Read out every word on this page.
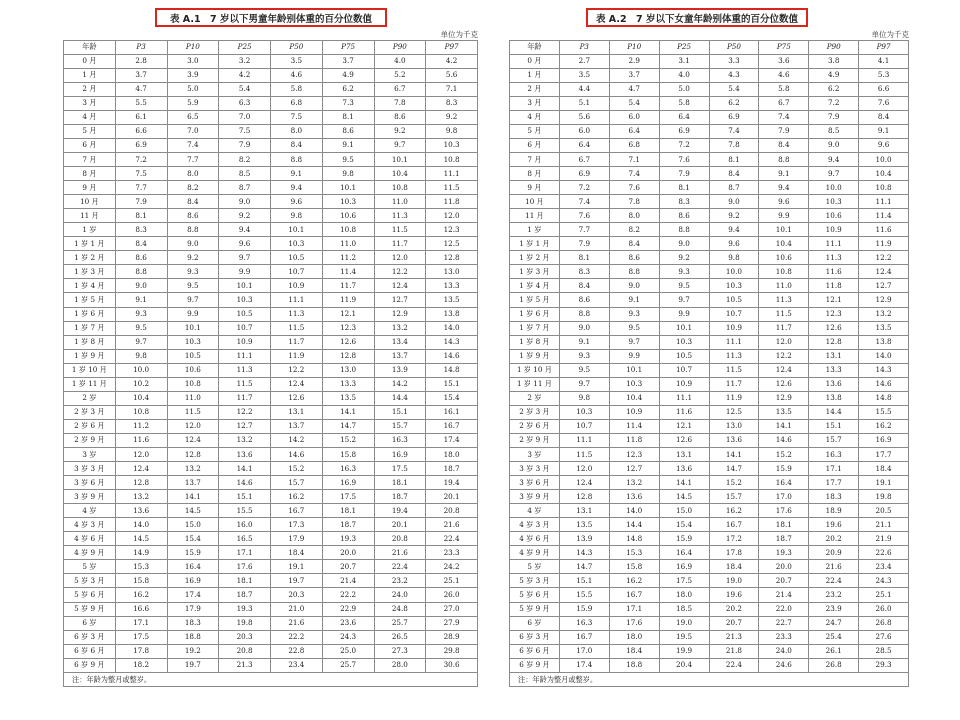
表 A.1　7 岁以下男童年龄别体重的百分位数值
单位为千克
年龄	P3	P10	P25	P50	P75	P90	P97
0 月	2.8	3.0	3.2	3.5	3.7	4.0	4.2
1 月	3.7	3.9	4.2	4.6	4.9	5.2	5.6
2 月	4.7	5.0	5.4	5.8	6.2	6.7	7.1
3 月	5.5	5.9	6.3	6.8	7.3	7.8	8.3
4 月	6.1	6.5	7.0	7.5	8.1	8.6	9.2
5 月	6.6	7.0	7.5	8.0	8.6	9.2	9.8
6 月	6.9	7.4	7.9	8.4	9.1	9.7	10.3
7 月	7.2	7.7	8.2	8.8	9.5	10.1	10.8
8 月	7.5	8.0	8.5	9.1	9.8	10.4	11.1
9 月	7.7	8.2	8.7	9.4	10.1	10.8	11.5
10 月	7.9	8.4	9.0	9.6	10.3	11.0	11.8
11 月	8.1	8.6	9.2	9.8	10.6	11.3	12.0
1 岁	8.3	8.8	9.4	10.1	10.8	11.5	12.3
1 岁 1 月	8.4	9.0	9.6	10.3	11.0	11.7	12.5
1 岁 2 月	8.6	9.2	9.7	10.5	11.2	12.0	12.8
1 岁 3 月	8.8	9.3	9.9	10.7	11.4	12.2	13.0
1 岁 4 月	9.0	9.5	10.1	10.9	11.7	12.4	13.3
1 岁 5 月	9.1	9.7	10.3	11.1	11.9	12.7	13.5
1 岁 6 月	9.3	9.9	10.5	11.3	12.1	12.9	13.8
1 岁 7 月	9.5	10.1	10.7	11.5	12.3	13.2	14.0
1 岁 8 月	9.7	10.3	10.9	11.7	12.6	13.4	14.3
1 岁 9 月	9.8	10.5	11.1	11.9	12.8	13.7	14.6
1 岁 10 月	10.0	10.6	11.3	12.2	13.0	13.9	14.8
1 岁 11 月	10.2	10.8	11.5	12.4	13.3	14.2	15.1
2 岁	10.4	11.0	11.7	12.6	13.5	14.4	15.4
2 岁 3 月	10.8	11.5	12.2	13.1	14.1	15.1	16.1
2 岁 6 月	11.2	12.0	12.7	13.7	14.7	15.7	16.7
2 岁 9 月	11.6	12.4	13.2	14.2	15.2	16.3	17.4
3 岁	12.0	12.8	13.6	14.6	15.8	16.9	18.0
3 岁 3 月	12.4	13.2	14.1	15.2	16.3	17.5	18.7
3 岁 6 月	12.8	13.7	14.6	15.7	16.9	18.1	19.4
3 岁 9 月	13.2	14.1	15.1	16.2	17.5	18.7	20.1
4 岁	13.6	14.5	15.5	16.7	18.1	19.4	20.8
4 岁 3 月	14.0	15.0	16.0	17.3	18.7	20.1	21.6
4 岁 6 月	14.5	15.4	16.5	17.9	19.3	20.8	22.4
4 岁 9 月	14.9	15.9	17.1	18.4	20.0	21.6	23.3
5 岁	15.3	16.4	17.6	19.1	20.7	22.4	24.2
5 岁 3 月	15.8	16.9	18.1	19.7	21.4	23.2	25.1
5 岁 6 月	16.2	17.4	18.7	20.3	22.2	24.0	26.0
5 岁 9 月	16.6	17.9	19.3	21.0	22.9	24.8	27.0
6 岁	17.1	18.3	19.8	21.6	23.6	25.7	27.9
6 岁 3 月	17.5	18.8	20.3	22.2	24.3	26.5	28.9
6 岁 6 月	17.8	19.2	20.8	22.8	25.0	27.3	29.8
6 岁 9 月	18.2	19.7	21.3	23.4	25.7	28.0	30.6
注：年龄为整月或整岁。
表 A.2　7 岁以下女童年龄别体重的百分位数值
单位为千克
年龄	P3	P10	P25	P50	P75	P90	P97
0 月	2.7	2.9	3.1	3.3	3.6	3.8	4.1
1 月	3.5	3.7	4.0	4.3	4.6	4.9	5.3
2 月	4.4	4.7	5.0	5.4	5.8	6.2	6.6
3 月	5.1	5.4	5.8	6.2	6.7	7.2	7.6
4 月	5.6	6.0	6.4	6.9	7.4	7.9	8.4
5 月	6.0	6.4	6.9	7.4	7.9	8.5	9.1
6 月	6.4	6.8	7.2	7.8	8.4	9.0	9.6
7 月	6.7	7.1	7.6	8.1	8.8	9.4	10.0
8 月	6.9	7.4	7.9	8.4	9.1	9.7	10.4
9 月	7.2	7.6	8.1	8.7	9.4	10.0	10.8
10 月	7.4	7.8	8.3	9.0	9.6	10.3	11.1
11 月	7.6	8.0	8.6	9.2	9.9	10.6	11.4
1 岁	7.7	8.2	8.8	9.4	10.1	10.9	11.6
1 岁 1 月	7.9	8.4	9.0	9.6	10.4	11.1	11.9
1 岁 2 月	8.1	8.6	9.2	9.8	10.6	11.3	12.2
1 岁 3 月	8.3	8.8	9.3	10.0	10.8	11.6	12.4
1 岁 4 月	8.4	9.0	9.5	10.3	11.0	11.8	12.7
1 岁 5 月	8.6	9.1	9.7	10.5	11.3	12.1	12.9
1 岁 6 月	8.8	9.3	9.9	10.7	11.5	12.3	13.2
1 岁 7 月	9.0	9.5	10.1	10.9	11.7	12.6	13.5
1 岁 8 月	9.1	9.7	10.3	11.1	12.0	12.8	13.8
1 岁 9 月	9.3	9.9	10.5	11.3	12.2	13.1	14.0
1 岁 10 月	9.5	10.1	10.7	11.5	12.4	13.3	14.3
1 岁 11 月	9.7	10.3	10.9	11.7	12.6	13.6	14.6
2 岁	9.8	10.4	11.1	11.9	12.9	13.8	14.8
2 岁 3 月	10.3	10.9	11.6	12.5	13.5	14.4	15.5
2 岁 6 月	10.7	11.4	12.1	13.0	14.1	15.1	16.2
2 岁 9 月	11.1	11.8	12.6	13.6	14.6	15.7	16.9
3 岁	11.5	12.3	13.1	14.1	15.2	16.3	17.7
3 岁 3 月	12.0	12.7	13.6	14.7	15.9	17.1	18.4
3 岁 6 月	12.4	13.2	14.1	15.2	16.4	17.7	19.1
3 岁 9 月	12.8	13.6	14.5	15.7	17.0	18.3	19.8
4 岁	13.1	14.0	15.0	16.2	17.6	18.9	20.5
4 岁 3 月	13.5	14.4	15.4	16.7	18.1	19.6	21.1
4 岁 6 月	13.9	14.8	15.9	17.2	18.7	20.2	21.9
4 岁 9 月	14.3	15.3	16.4	17.8	19.3	20.9	22.6
5 岁	14.7	15.8	16.9	18.4	20.0	21.6	23.4
5 岁 3 月	15.1	16.2	17.5	19.0	20.7	22.4	24.3
5 岁 6 月	15.5	16.7	18.0	19.6	21.4	23.2	25.1
5 岁 9 月	15.9	17.1	18.5	20.2	22.0	23.9	26.0
6 岁	16.3	17.6	19.0	20.7	22.7	24.7	26.8
6 岁 3 月	16.7	18.0	19.5	21.3	23.3	25.4	27.6
6 岁 6 月	17.0	18.4	19.9	21.8	24.0	26.1	28.5
6 岁 9 月	17.4	18.8	20.4	22.4	24.6	26.8	29.3
注：年龄为整月或整岁。
